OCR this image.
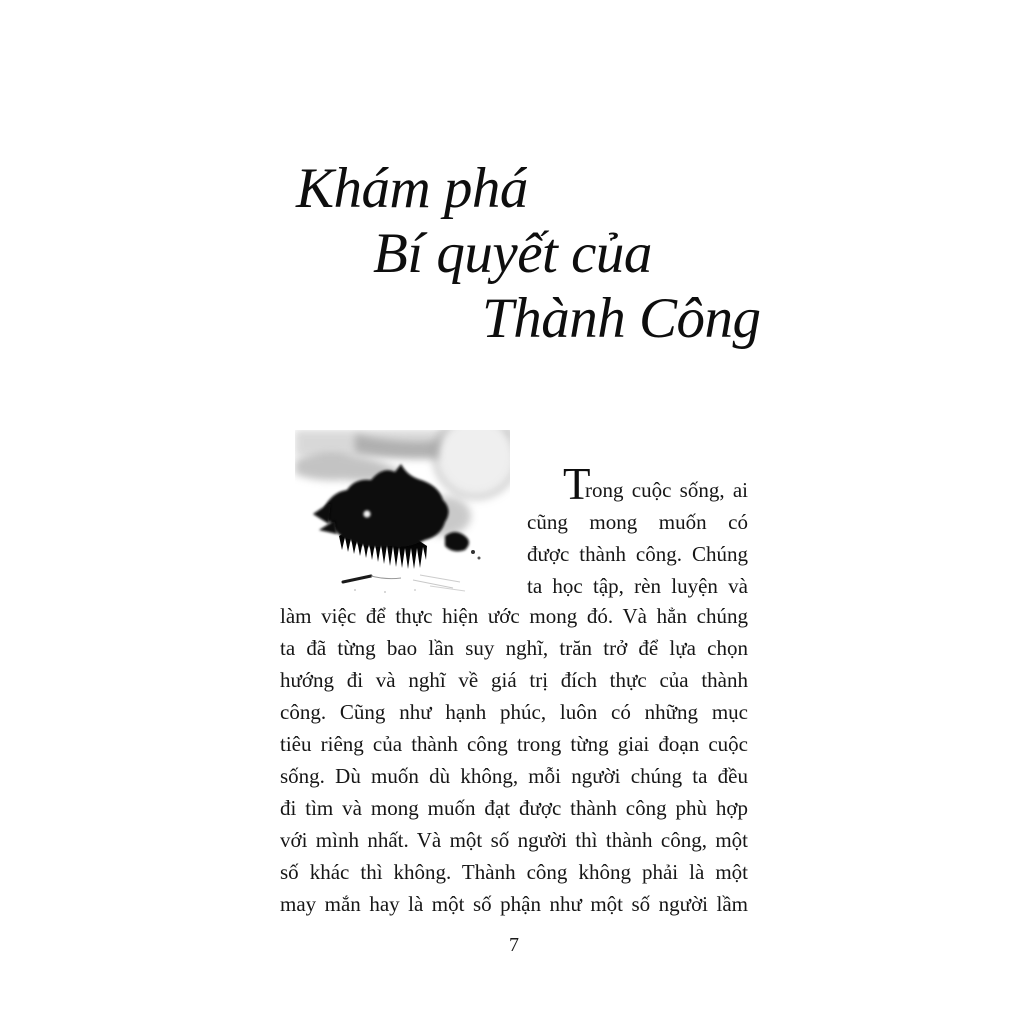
Khám phá
Bí quyết của
Thành Công
T
rong cuộc sống, ai
cũng mong muốn có
được thành công. Chúng
ta học tập, rèn luyện và
làm việc để thực hiện ước mong đó. Và hẳn chúng
ta đã từng bao lần suy nghĩ, trăn trở để lựa chọn
hướng đi và nghĩ về giá trị đích thực của thành
công. Cũng như hạnh phúc, luôn có những mục
tiêu riêng của thành công trong từng giai đoạn cuộc
sống. Dù muốn dù không, mỗi người chúng ta đều
đi tìm và mong muốn đạt được thành công phù hợp
với mình nhất. Và một số người thì thành công, một
số khác thì không. Thành công không phải là một
may mắn hay là một số phận như một số người lầm
7
